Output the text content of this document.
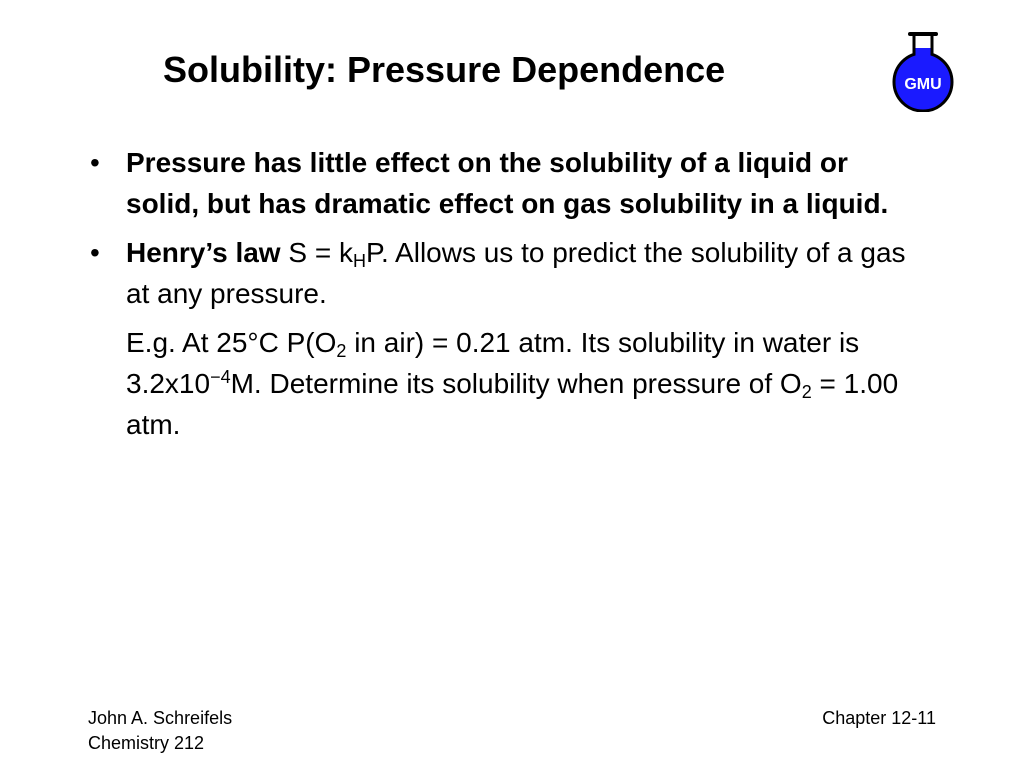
Solubility: Pressure Dependence	GMU
• Pressure has little effect on the solubility of a liquid or solid, but has dramatic effect on gas solubility in a liquid.
• Henry’s law $S = k_HP$. Allows us to predict the solubility of a gas at any pressure.
E.g. At 25°C $P(O_2$ in air) = 0.21 atm. Its solubility in water is $3.2x10^{-4}M$. Determine its solubility when pressure of $O_2 = 1.00$ atm.
John A. Schreifels
Chemistry 212
Chapter 12-11
